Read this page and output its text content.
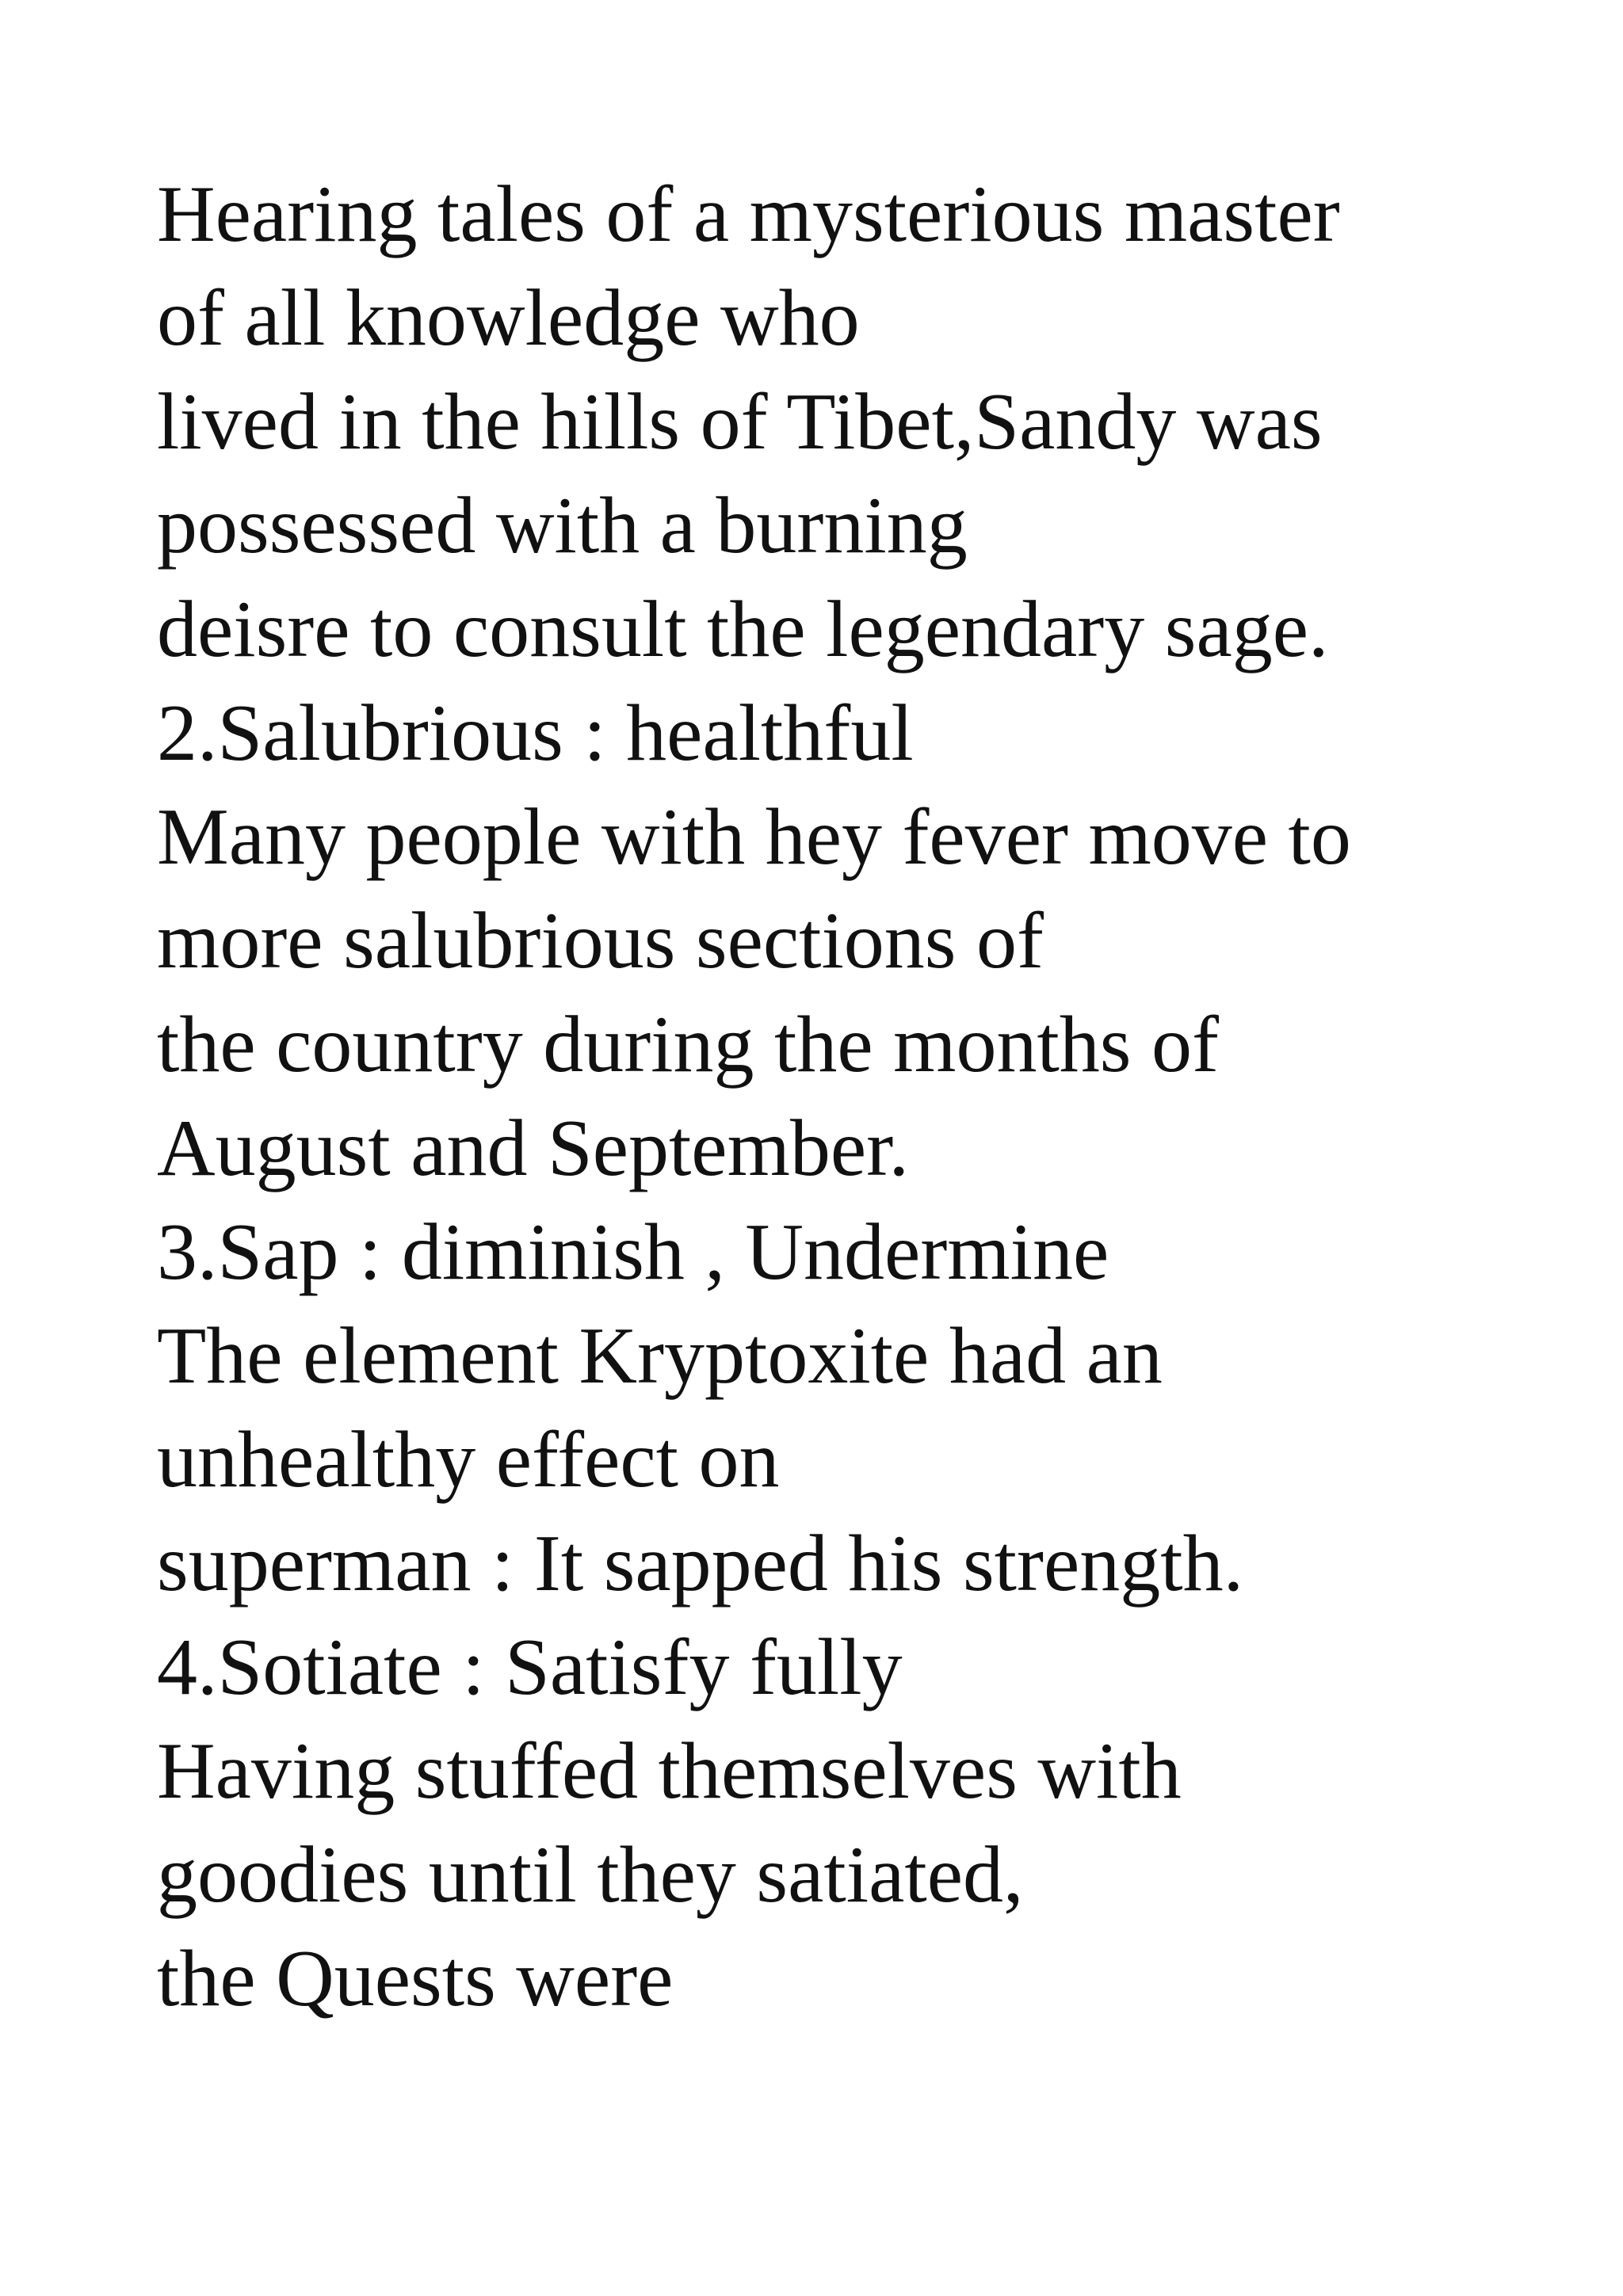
Hearing tales of a mysterious master
of all knowledge who
lived in the hills of Tibet,Sandy was
possessed with a burning
deisre to consult the legendary sage.
2.Salubrious : healthful
Many people with hey fever move to
more salubrious sections of
the country during the months of
August and September.
3.Sap : diminish , Undermine
The element Kryptoxite had an
unhealthy effect on
superman : It sapped his strength.
4.Sotiate : Satisfy fully
Having stuffed themselves with
goodies until they satiated,
the Quests were
